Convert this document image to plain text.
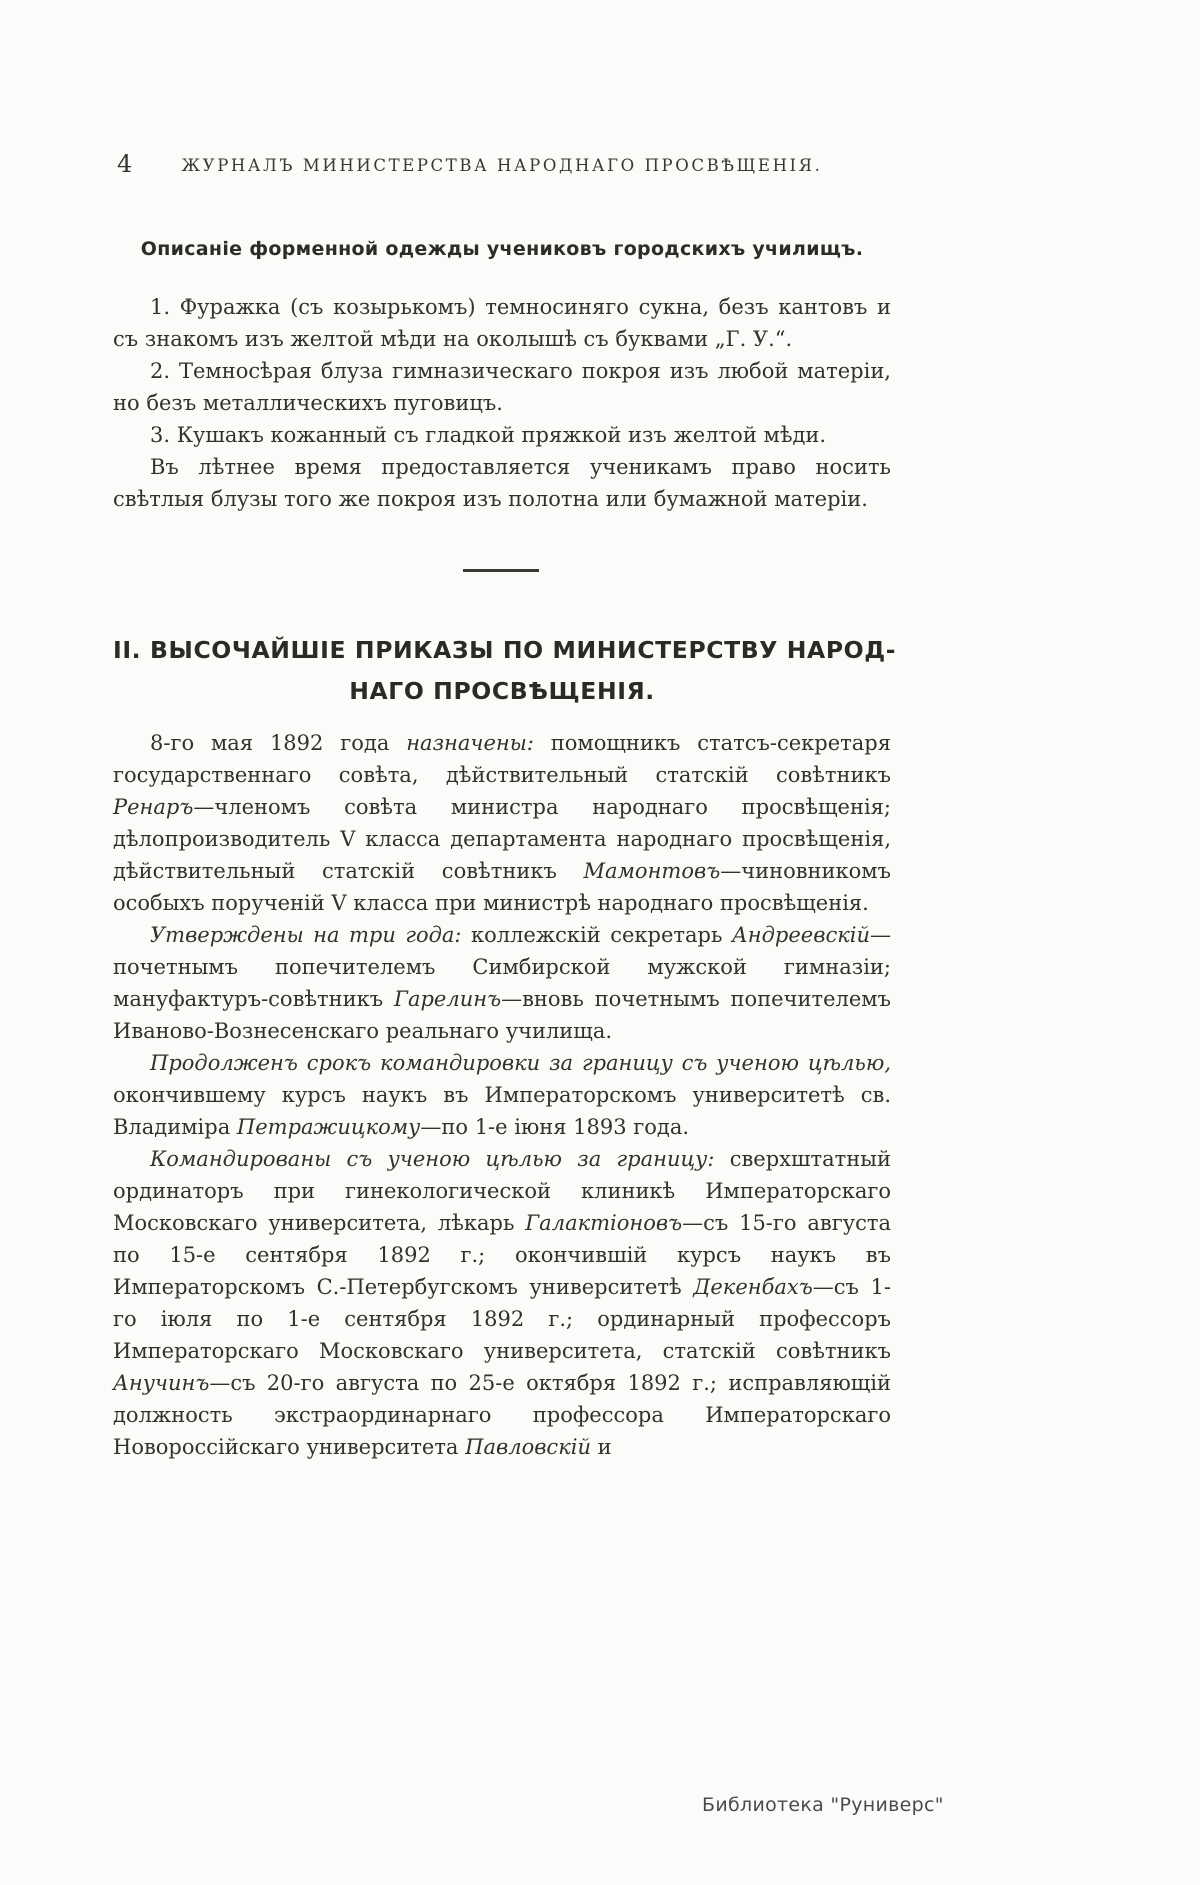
4	ЖУРНАЛЪ МИНИСТЕРСТВА НАРОДНАГО ПРОСВѢЩЕНІЯ.
Описаніе форменной одежды учениковъ городскихъ училищъ.

1. Фуражка (съ козырькомъ) темносиняго сукна, безъ кантовъ и съ знакомъ изъ желтой мѣди на околышѣ съ буквами „Г. У.“.

2. Темносѣрая блуза гимназическаго покроя изъ любой матеріи, но безъ металлическихъ пуговицъ.

3. Кушакъ кожанный съ гладкой пряжкой изъ желтой мѣди.

Въ лѣтнее время предоставляется ученикамъ право носить свѣтлыя блузы того же покроя изъ полотна или бумажной матеріи.

II. ВЫСОЧАЙШІЕ ПРИКАЗЫ ПО МИНИСТЕРСТВУ НАРОД-
НАГО ПРОСВѢЩЕНІЯ.

8-го мая 1892 года назначены: помощникъ статсъ-секретаря государственнаго совѣта, дѣйствительный статскій совѣтникъ Ренаръ—членомъ совѣта министра народнаго просвѣщенія; дѣлопроизводитель V класса департамента народнаго просвѣщенія, дѣйствительный статскій совѣтникъ Мамонтовъ—чиновникомъ особыхъ порученій V класса при министрѣ народнаго просвѣщенія.

Утверждены на три года: коллежскій секретарь Андреевскій— почетнымъ попечителемъ Симбирской мужской гимназіи; мануфактуръ-совѣтникъ Гарелинъ—вновь почетнымъ попечителемъ Иваново-Вознесенскаго реальнаго училища.

Продолженъ срокъ командировки за границу съ ученою цѣлью, окончившему курсъ наукъ въ Императорскомъ университетѣ св. Владиміра Петражицкому—по 1-е іюня 1893 года.

Командированы съ ученою цѣлью за границу: сверхштатный ординаторъ при гинекологической клиникѣ Императорскаго Московскаго университета, лѣкарь Галактіоновъ—съ 15-го августа по 15-е сентября 1892 г.; окончившій курсъ наукъ въ Императорскомъ С.-Петербугскомъ университетѣ Декенбахъ—съ 1-го іюля по 1-е сентября 1892 г.; ординарный профессоръ Императорскаго Московскаго университета, статскій совѣтникъ Анучинъ—съ 20-го августа по 25-е октября 1892 г.; исправляющій должность экстраординарнаго профессора Императорскаго Новороссійскаго университета Павловскій и

Библиотека "Руниверс"
